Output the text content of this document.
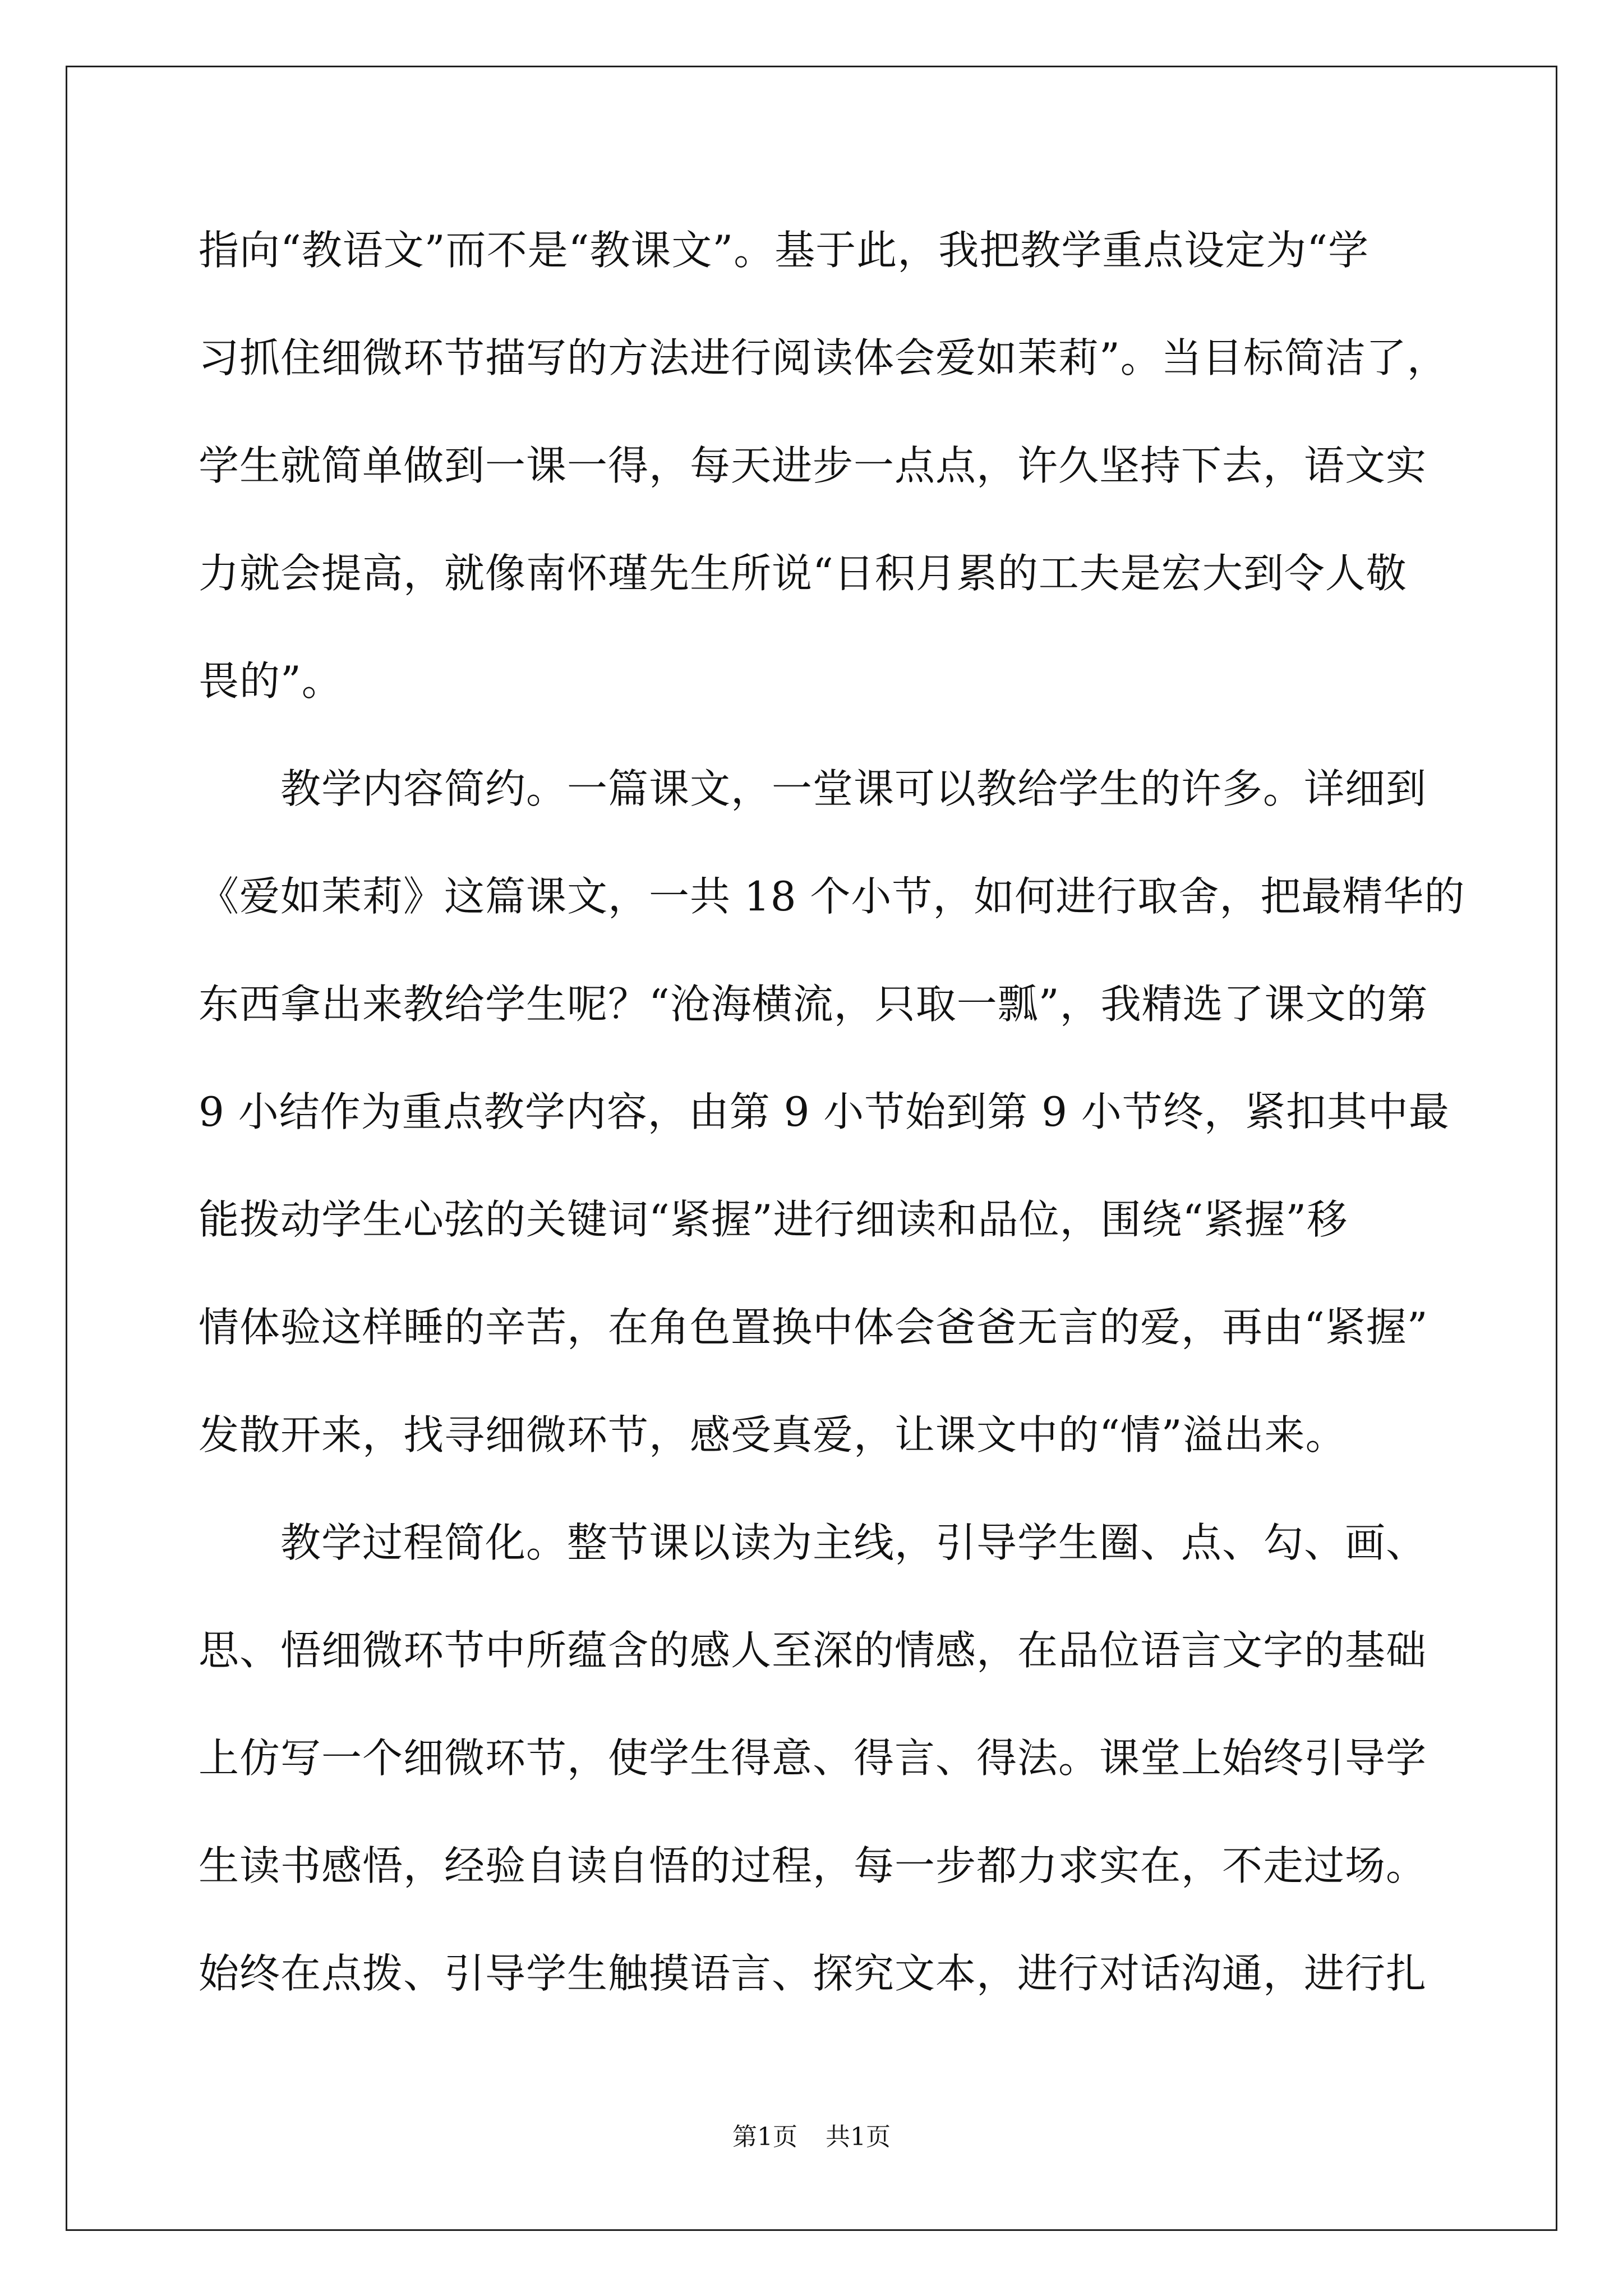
指向“教语文”而不是“教课文”。基于此，我把教学重点设定为“学

习抓住细微环节描写的方法进行阅读体会爱如茉莉”。当目标简洁了，

学生就简单做到一课一得，每天进步一点点，许久坚持下去，语文实

力就会提高，就像南怀瑾先生所说“日积月累的工夫是宏大到令人敬

畏的”。

　　教学内容简约。一篇课文，一堂课可以教给学生的许多。详细到

《爱如茉莉》这篇课文，一共 18 个小节，如何进行取舍，把最精华的

东西拿出来教给学生呢？“沧海横流，只取一瓢”，我精选了课文的第

9 小结作为重点教学内容，由第 9 小节始到第 9 小节终，紧扣其中最

能拨动学生心弦的关键词“紧握”进行细读和品位，围绕“紧握”移

情体验这样睡的辛苦，在角色置换中体会爸爸无言的爱，再由“紧握”

发散开来，找寻细微环节，感受真爱，让课文中的“情”溢出来。

　　教学过程简化。整节课以读为主线，引导学生圈、点、勾、画、

思、悟细微环节中所蕴含的感人至深的情感，在品位语言文字的基础

上仿写一个细微环节，使学生得意、得言、得法。课堂上始终引导学

生读书感悟，经验自读自悟的过程，每一步都力求实在，不走过场。

始终在点拨、引导学生触摸语言、探究文本，进行对话沟通，进行扎

第1页 共1页
